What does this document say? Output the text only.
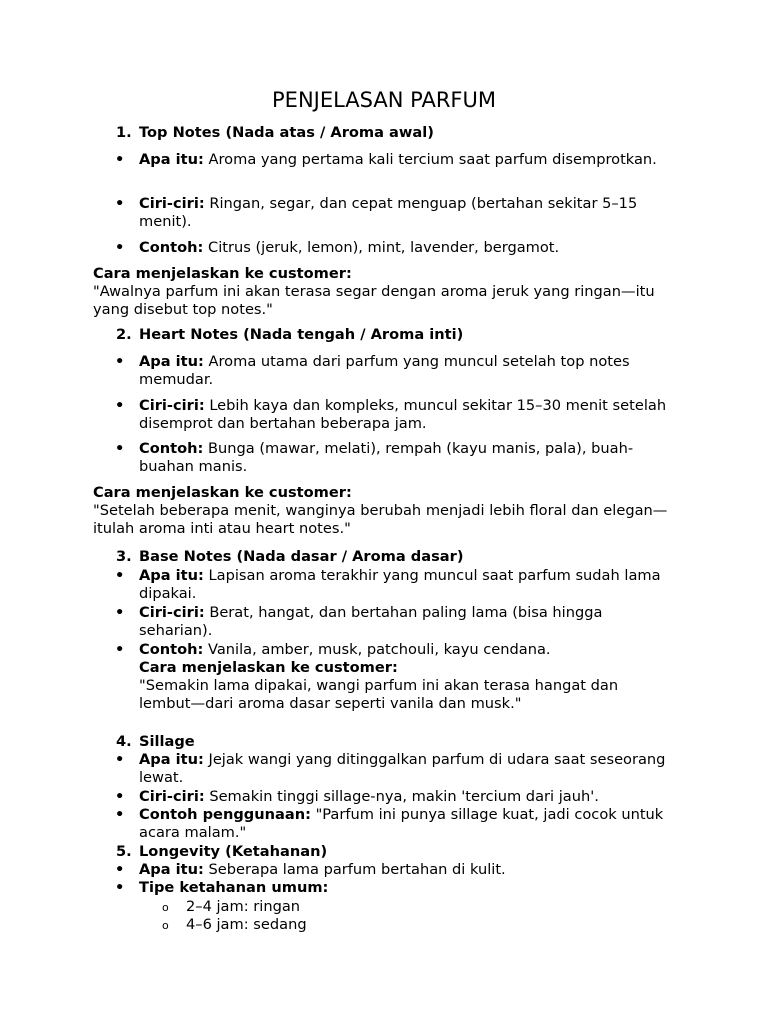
PENJELASAN PARFUM
1. Top Notes (Nada atas / Aroma awal)
• Apa itu: Aroma yang pertama kali tercium saat parfum disemprotkan.
• Ciri-ciri: Ringan, segar, dan cepat menguap (bertahan sekitar 5–15 menit).
• Contoh: Citrus (jeruk, lemon), mint, lavender, bergamot.
Cara menjelaskan ke customer:
"Awalnya parfum ini akan terasa segar dengan aroma jeruk yang ringan—itu yang disebut top notes."
2. Heart Notes (Nada tengah / Aroma inti)
• Apa itu: Aroma utama dari parfum yang muncul setelah top notes memudar.
• Ciri-ciri: Lebih kaya dan kompleks, muncul sekitar 15–30 menit setelah disemprot dan bertahan beberapa jam.
• Contoh: Bunga (mawar, melati), rempah (kayu manis, pala), buah-buahan manis.
Cara menjelaskan ke customer:
"Setelah beberapa menit, wanginya berubah menjadi lebih floral dan elegan—itulah aroma inti atau heart notes."
3. Base Notes (Nada dasar / Aroma dasar)
• Apa itu: Lapisan aroma terakhir yang muncul saat parfum sudah lama dipakai.
• Ciri-ciri: Berat, hangat, dan bertahan paling lama (bisa hingga seharian).
• Contoh: Vanila, amber, musk, patchouli, kayu cendana.
Cara menjelaskan ke customer:
"Semakin lama dipakai, wangi parfum ini akan terasa hangat dan lembut—dari aroma dasar seperti vanila dan musk."
4. Sillage
• Apa itu: Jejak wangi yang ditinggalkan parfum di udara saat seseorang lewat.
• Ciri-ciri: Semakin tinggi sillage-nya, makin 'tercium dari jauh'.
• Contoh penggunaan: "Parfum ini punya sillage kuat, jadi cocok untuk acara malam."
5. Longevity (Ketahanan)
• Apa itu: Seberapa lama parfum bertahan di kulit.
• Tipe ketahanan umum:
o 2–4 jam: ringan
o 4–6 jam: sedang
